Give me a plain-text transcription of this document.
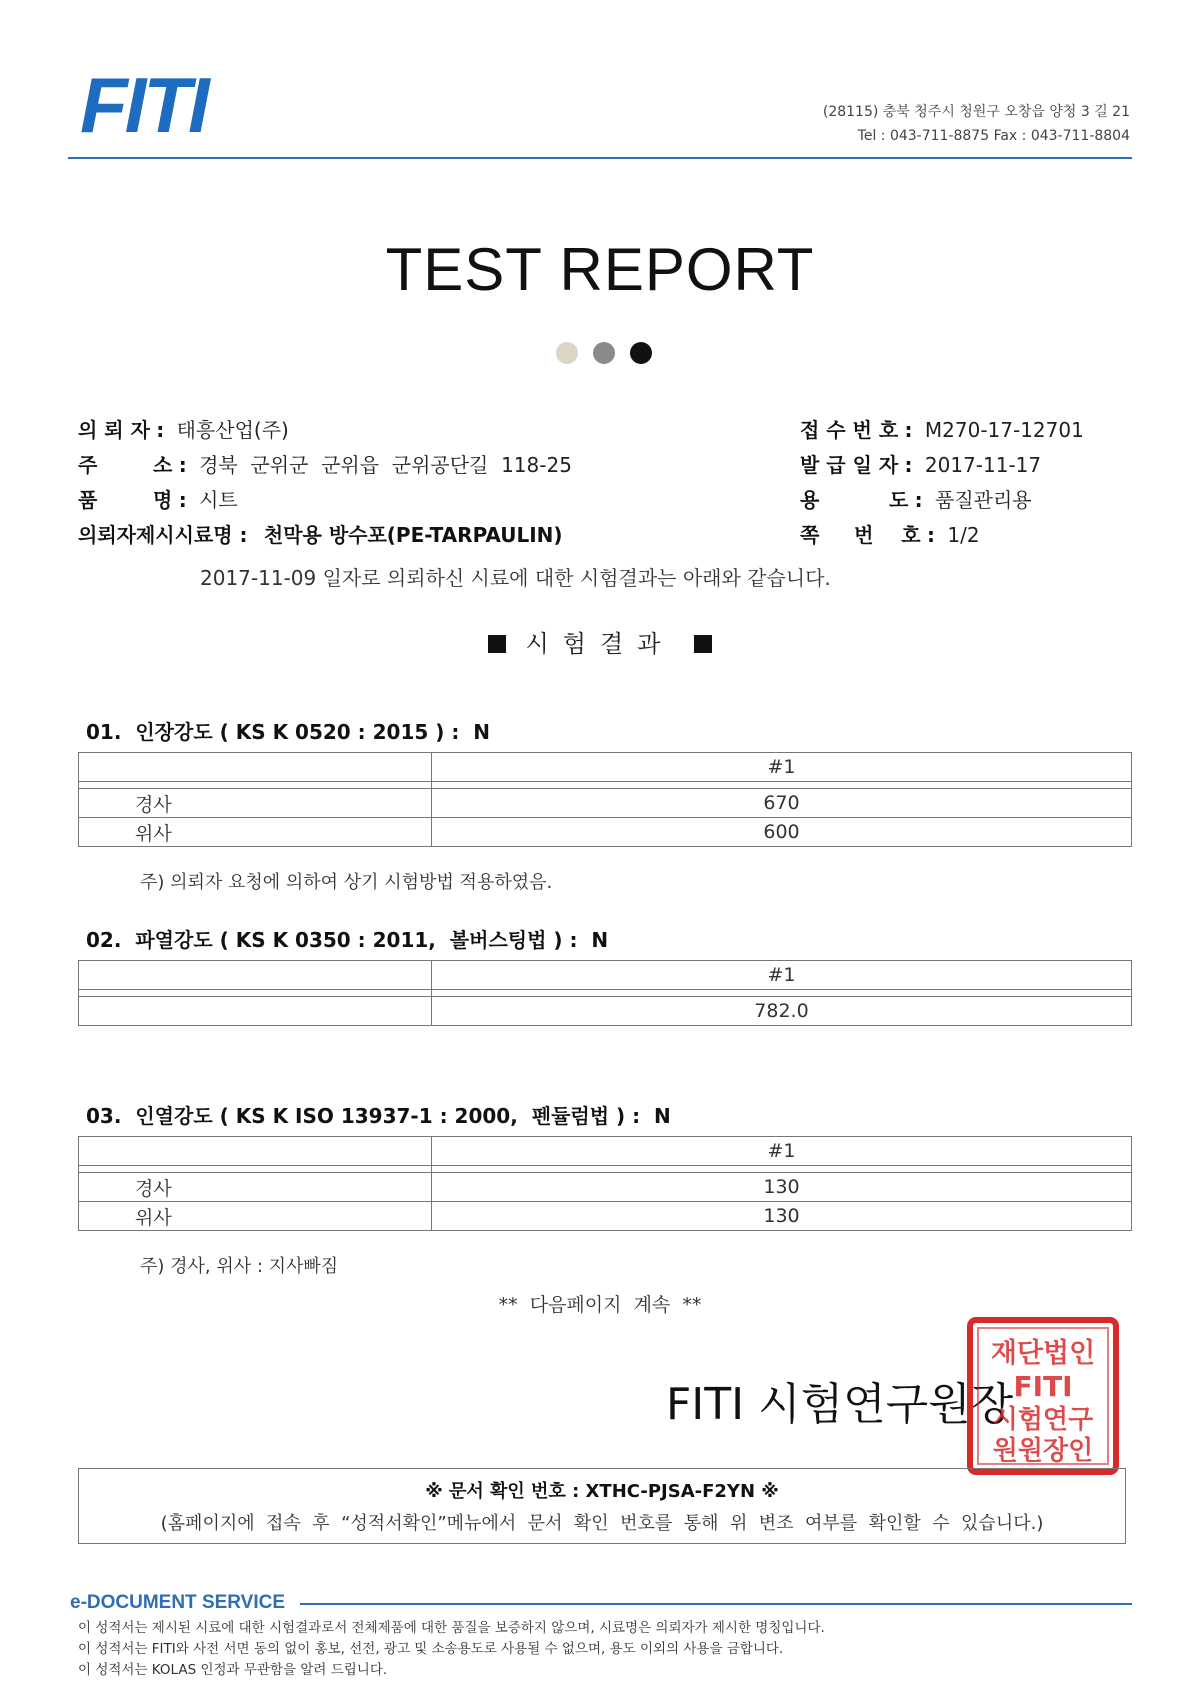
FITI	(28115) 충북 청주시 청원구 오창읍 양청 3 길 21
Tel : 043-711-8875 Fax : 043-711-8804
TEST REPORT
의 뢰 자 : 태흥산업(주)
주        소 : 경북  군위군  군위읍  군위공단길  118-25
품        명 : 시트
의뢰자제시시료명 : 천막용 방수포(PE-TARPAULIN)
접 수 번 호 : M270-17-12701
발 급 일 자 : 2017-11-17
용          도 : 품질관리용
쪽     번    호 : 1/2
2017-11-09 일자로 의뢰하신 시료에 대한 시험결과는 아래와 같습니다.
시험결과
01.  인장강도 ( KS K 0520 : 2015 ) :  N
	#1

경사	670
위사	600
주) 의뢰자 요청에 의하여 상기 시험방법 적용하였음.
02.  파열강도 ( KS K 0350 : 2011,  볼버스팅법 ) :  N
	#1

	782.0
03.  인열강도 ( KS K ISO 13937-1 : 2000,  펜듈럼법 ) :  N
	#1

경사	130
위사	130
주) 경사, 위사 : 지사빠짐
**  다음페이지  계속  **
FITI 시험연구원장
재단법인
FITI
시험연구
원원장인
※ 문서 확인 번호 : XTHC-PJSA-F2YN ※
(홈페이지에  접속  후  “성적서확인”메뉴에서  문서  확인  번호를  통해  위  변조  여부를  확인할  수  있습니다.)
e-DOCUMENT SERVICE
이 성적서는 제시된 시료에 대한 시험결과로서 전체제품에 대한 품질을 보증하지 않으며, 시료명은 의뢰자가 제시한 명칭입니다.
이 성적서는 FITI와 사전 서면 동의 없이 홍보, 선전, 광고 및 소송용도로 사용될 수 없으며, 용도 이외의 사용을 금합니다.
이 성적서는 KOLAS 인정과 무관함을 알려 드립니다.
